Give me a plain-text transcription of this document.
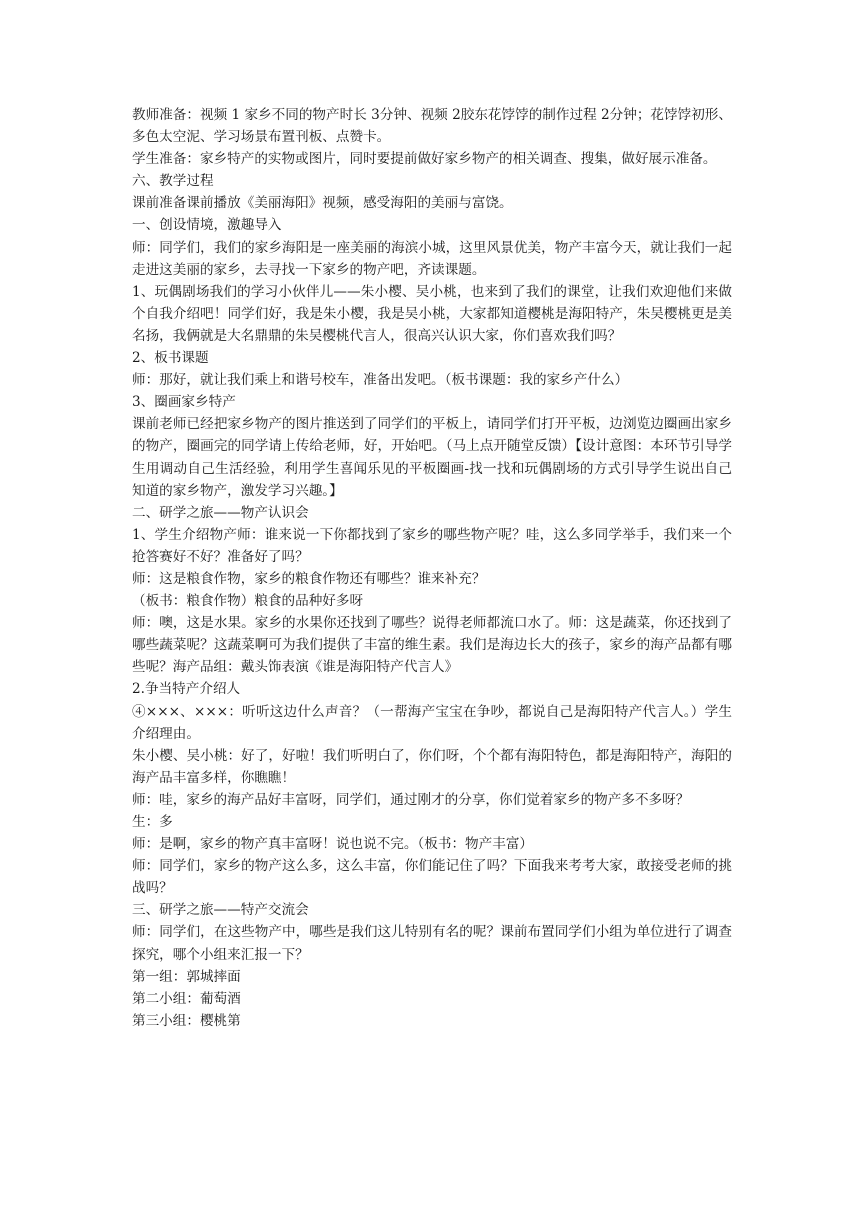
教师准备：视频 1 家乡不同的物产时长 3分钟、视频 2胶东花饽饽的制作过程 2分钟；花饽饽初形、多色太空泥、学习场景布置刊板、点赞卡。

学生准备：家乡特产的实物或图片，同时要提前做好家乡物产的相关调查、搜集，做好展示准备。

六、教学过程

课前准备课前播放《美丽海阳》视频，感受海阳的美丽与富饶。

一、创设情境，激趣导入

师：同学们，我们的家乡海阳是一座美丽的海滨小城，这里风景优美，物产丰富今天，就让我们一起走进这美丽的家乡，去寻找一下家乡的物产吧，齐读课题。

1、玩偶剧场我们的学习小伙伴儿——朱小樱、吴小桃，也来到了我们的课堂，让我们欢迎他们来做个自我介绍吧！同学们好，我是朱小樱，我是吴小桃，大家都知道樱桃是海阳特产，朱吴樱桃更是美名扬，我俩就是大名鼎鼎的朱吴樱桃代言人，很高兴认识大家，你们喜欢我们吗？

2、板书课题

师：那好，就让我们乘上和谐号校车，准备出发吧。（板书课题：我的家乡产什么）

3、圈画家乡特产

课前老师已经把家乡物产的图片推送到了同学们的平板上，请同学们打开平板，边浏览边圈画出家乡的物产，圈画完的同学请上传给老师，好，开始吧。（马上点开随堂反馈）【设计意图：本环节引导学生用调动自己生活经验，利用学生喜闻乐见的平板圈画-找一找和玩偶剧场的方式引导学生说出自己知道的家乡物产，激发学习兴趣。】

二、研学之旅——物产认识会

1、学生介绍物产师：谁来说一下你都找到了家乡的哪些物产呢？哇，这么多同学举手，我们来一个抢答赛好不好？准备好了吗？

师：这是粮食作物，家乡的粮食作物还有哪些？谁来补充？

（板书：粮食作物）粮食的品种好多呀

师：噢，这是水果。家乡的水果你还找到了哪些？说得老师都流口水了。师：这是蔬菜，你还找到了哪些蔬菜呢？这蔬菜啊可为我们提供了丰富的维生素。我们是海边长大的孩子，家乡的海产品都有哪些呢？海产品组：戴头饰表演《谁是海阳特产代言人》

2.争当特产介绍人

④×××、×××：听听这边什么声音？（一帮海产宝宝在争吵，都说自己是海阳特产代言人。）学生介绍理由。

朱小樱、吴小桃：好了，好啦！我们听明白了，你们呀，个个都有海阳特色，都是海阳特产，海阳的海产品丰富多样，你瞧瞧！

师：哇，家乡的海产品好丰富呀，同学们，通过刚才的分享，你们觉着家乡的物产多不多呀？

生：多

师：是啊，家乡的物产真丰富呀！说也说不完。（板书：物产丰富）

师：同学们，家乡的物产这么多，这么丰富，你们能记住了吗？下面我来考考大家，敢接受老师的挑战吗？

三、研学之旅——特产交流会

师：同学们，在这些物产中，哪些是我们这儿特别有名的呢？课前布置同学们小组为单位进行了调查探究，哪个小组来汇报一下？

第一组：郭城摔面

第二小组：葡萄酒

第三小组：樱桃第
